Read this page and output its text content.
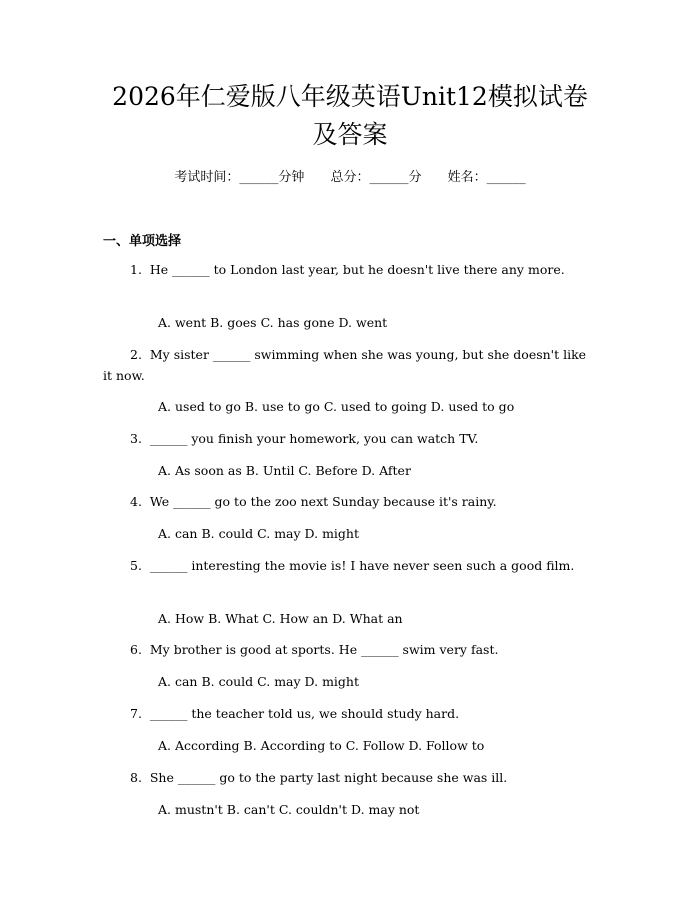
2026年仁爱版八年级英语Unit12模拟试卷
及答案
考试时间：______分钟 总分：______分 姓名：______
一、单项选择
1.  He ______ to London last year, but he doesn't live there any more.
A. went B. goes C. has gone D. went
2.  My sister ______ swimming when she was young, but she doesn't like it now.
A. used to go B. use to go C. used to going D. used to go
3.  ______ you finish your homework, you can watch TV.
A. As soon as B. Until C. Before D. After
4.  We ______ go to the zoo next Sunday because it's rainy.
A. can B. could C. may D. might
5.  ______ interesting the movie is! I have never seen such a good film.
A. How B. What C. How an D. What an
6.  My brother is good at sports. He ______ swim very fast.
A. can B. could C. may D. might
7.  ______ the teacher told us, we should study hard.
A. According B. According to C. Follow D. Follow to
8.  She ______ go to the party last night because she was ill.
A. mustn't B. can't C. couldn't D. may not
